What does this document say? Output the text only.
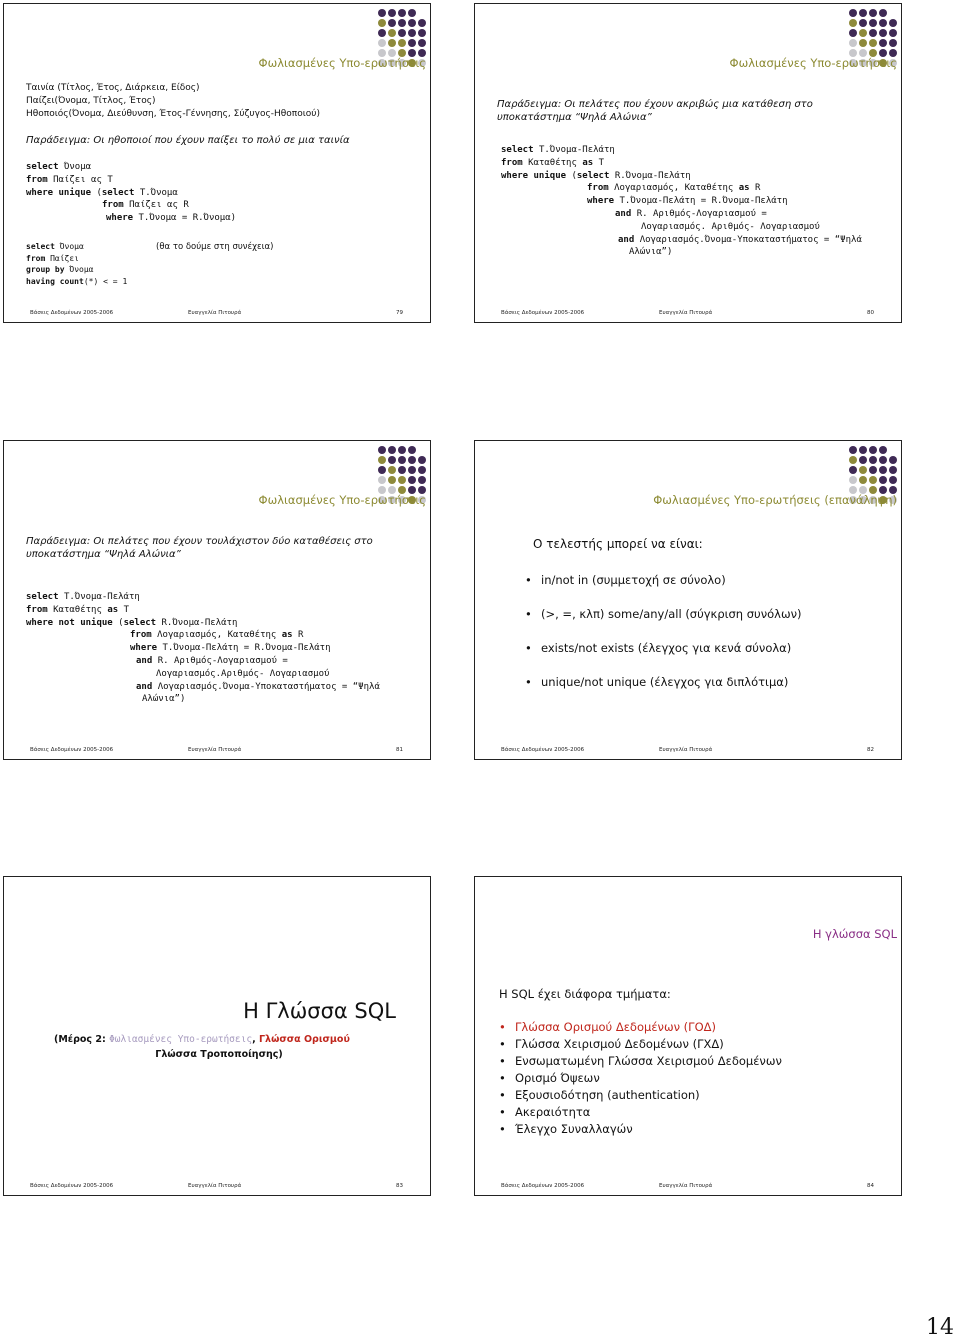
Φωλιασμένες Υπο-ερωτήσεις
Ταινία (Τίτλος, Έτος, Διάρκεια, Είδος)
Παίζει(Όνομα, Τίτλος, Έτος)
Ηθοποιός(Όνομα, Διεύθυνση, Έτος-Γέννησης, Σύζυγος-Ηθοποιού)
Παράδειγμα: Οι ηθοποιοί που έχουν παίξει το πολύ σε μια ταινία
select Όνομα
from Παίζει ας Τ
where unique (select Τ.Όνομα
from Παίζει ας R
where Τ.Όνομα = R.Όνομα)
select Όνομα
from Παίζει
group by Όνομα
having count(*) < = 1
(θα το δούμε στη συνέχεια)
Βάσεις Δεδομένων 2005-2006	Ευαγγελία Πιτουρά	79
Φωλιασμένες Υπο-ερωτήσεις
Παράδειγμα: Οι πελάτες που έχουν ακριβώς μια κατάθεση στο
υποκατάστημα “Ψηλά Αλώνια”
select Τ.Όνομα-Πελάτη
from Καταθέτης as T
where unique (select R.Όνομα-Πελάτη
from Λογαριασμός, Καταθέτης as R
where Τ.Όνομα-Πελάτη = R.Όνομα-Πελάτη
and R. Αριθμός-Λογαριασμού =
Λογαριασμός. Αριθμός- Λογαριασμού
and Λογαριασμός.Όνομα-Υποκαταστήματος = “Ψηλά
Αλώνια”)
Βάσεις Δεδομένων 2005-2006	Ευαγγελία Πιτουρά	80
Φωλιασμένες Υπο-ερωτήσεις
Παράδειγμα: Οι πελάτες που έχουν τουλάχιστον δύο καταθέσεις στο
υποκατάστημα “Ψηλά Αλώνια”
select Τ.Όνομα-Πελάτη
from Καταθέτης as T
where not unique (select R.Όνομα-Πελάτη
from Λογαριασμός, Καταθέτης as R
where Τ.Όνομα-Πελάτη = R.Όνομα-Πελάτη
and R. Αριθμός-Λογαριασμού =
Λογαριασμός.Αριθμός- Λογαριασμού
and Λογαριασμός.Όνομα-Υποκαταστήματος = “Ψηλά
Αλώνια”)
Βάσεις Δεδομένων 2005-2006	Ευαγγελία Πιτουρά	81
Φωλιασμένες Υπο-ερωτήσεις (επανάληψη)
Ο τελεστής μπορεί να είναι:
• in/not in (συμμετοχή σε σύνολο)
• (>, =, κλπ) some/any/all (σύγκριση συνόλων)
• exists/not exists (έλεγχος για κενά σύνολα)
• unique/not unique (έλεγχος για διπλότιμα)
Βάσεις Δεδομένων 2005-2006	Ευαγγελία Πιτουρά	82
Η Γλώσσα SQL
(Μέρος 2: Φωλιασμένες Υπο-ερωτήσεις, Γλώσσα Ορισμού
Γλώσσα Τροποποίησης)
Βάσεις Δεδομένων 2005-2006	Ευαγγελία Πιτουρά	83
Η γλώσσα SQL
Η SQL έχει διάφορα τμήματα:
• Γλώσσα Ορισμού Δεδομένων (ΓΟΔ)
• Γλώσσα Χειρισμού Δεδομένων (ΓΧΔ)
• Ενσωματωμένη Γλώσσα Χειρισμού Δεδομένων
• Ορισμό Όψεων
• Εξουσιοδότηση (authentication)
• Ακεραιότητα
• Έλεγχο Συναλλαγών
Βάσεις Δεδομένων 2005-2006	Ευαγγελία Πιτουρά	84
14
